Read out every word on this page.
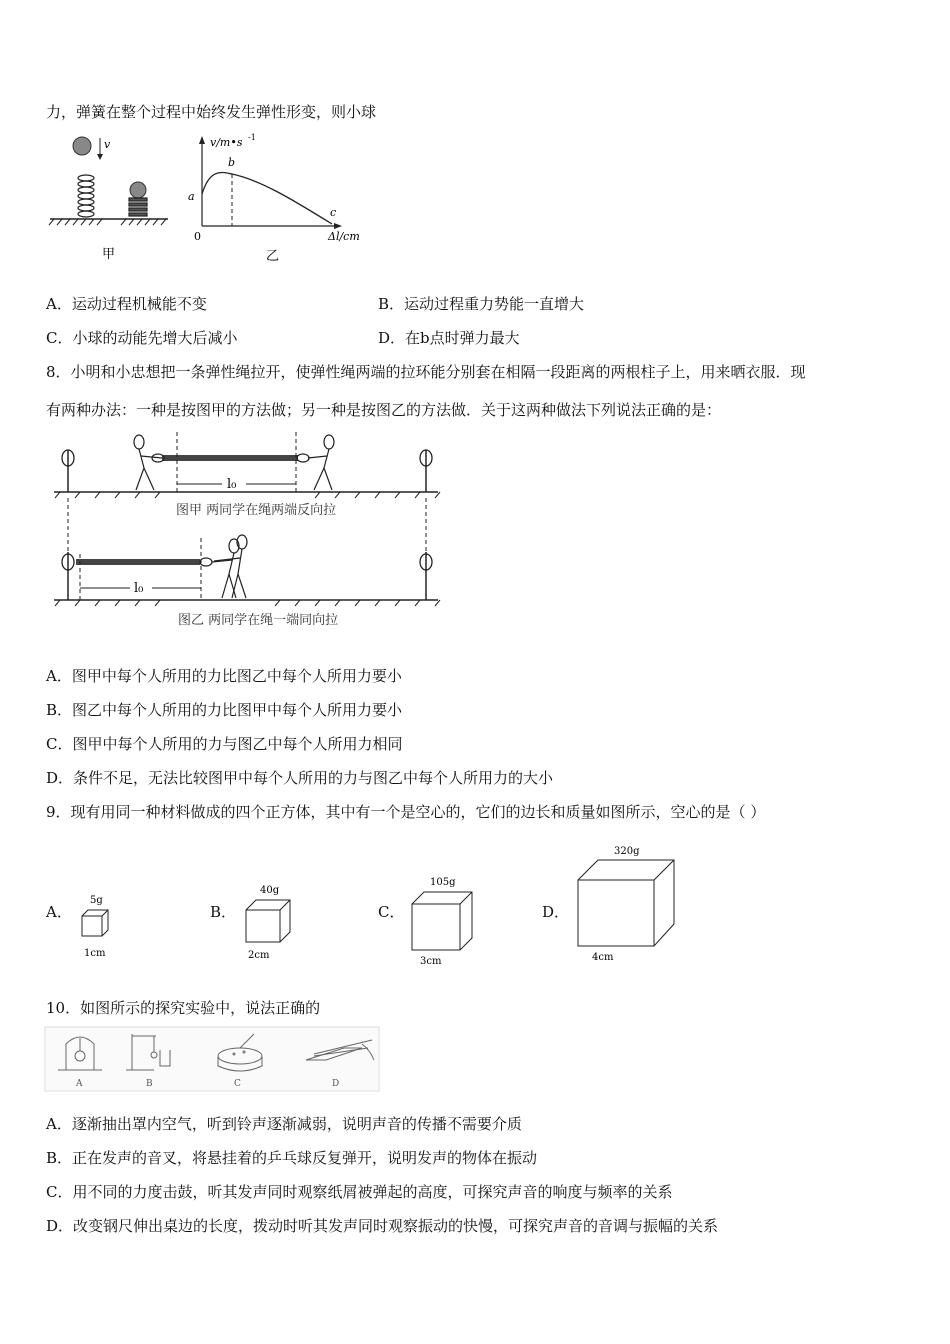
力，弹簧在整个过程中始终发生弹性形变，则小球
v
甲
v/m•s -1
b
a
c
0	Δl/cm
乙
A．运动过程机械能不变	B．运动过程重力势能一直增大
C．小球的动能先增大后减小	D．在b点时弹力最大
8．小明和小忠想把一条弹性绳拉开，使弹性绳两端的拉环能分别套在相隔一段距离的两根柱子上，用来晒衣服．现
有两种办法：一种是按图甲的方法做；另一种是按图乙的方法做．关于这两种做法下列说法正确的是：
l₀
图甲 两同学在绳两端反向拉
l₀
图乙 两同学在绳一端同向拉
A．图甲中每个人所用的力比图乙中每个人所用力要小
B．图乙中每个人所用的力比图甲中每个人所用力要小
C．图甲中每个人所用的力与图乙中每个人所用力相同
D．条件不足，无法比较图甲中每个人所用的力与图乙中每个人所用力的大小
9．现有用同一种材料做成的四个正方体，其中有一个是空心的，它们的边长和质量如图所示，空心的是（ ）
A．
5g
1cm
B．
40g
2cm
C．
105g
3cm
D．
320g
4cm
10．如图所示的探究实验中，说法正确的
A	B	C	D
A．逐渐抽出罩内空气，听到铃声逐渐减弱，说明声音的传播不需要介质
B．正在发声的音叉，将悬挂着的乒乓球反复弹开，说明发声的物体在振动
C．用不同的力度击鼓，听其发声同时观察纸屑被弹起的高度，可探究声音的响度与频率的关系
D．改变钢尺伸出桌边的长度，拨动时听其发声同时观察振动的快慢，可探究声音的音调与振幅的关系
